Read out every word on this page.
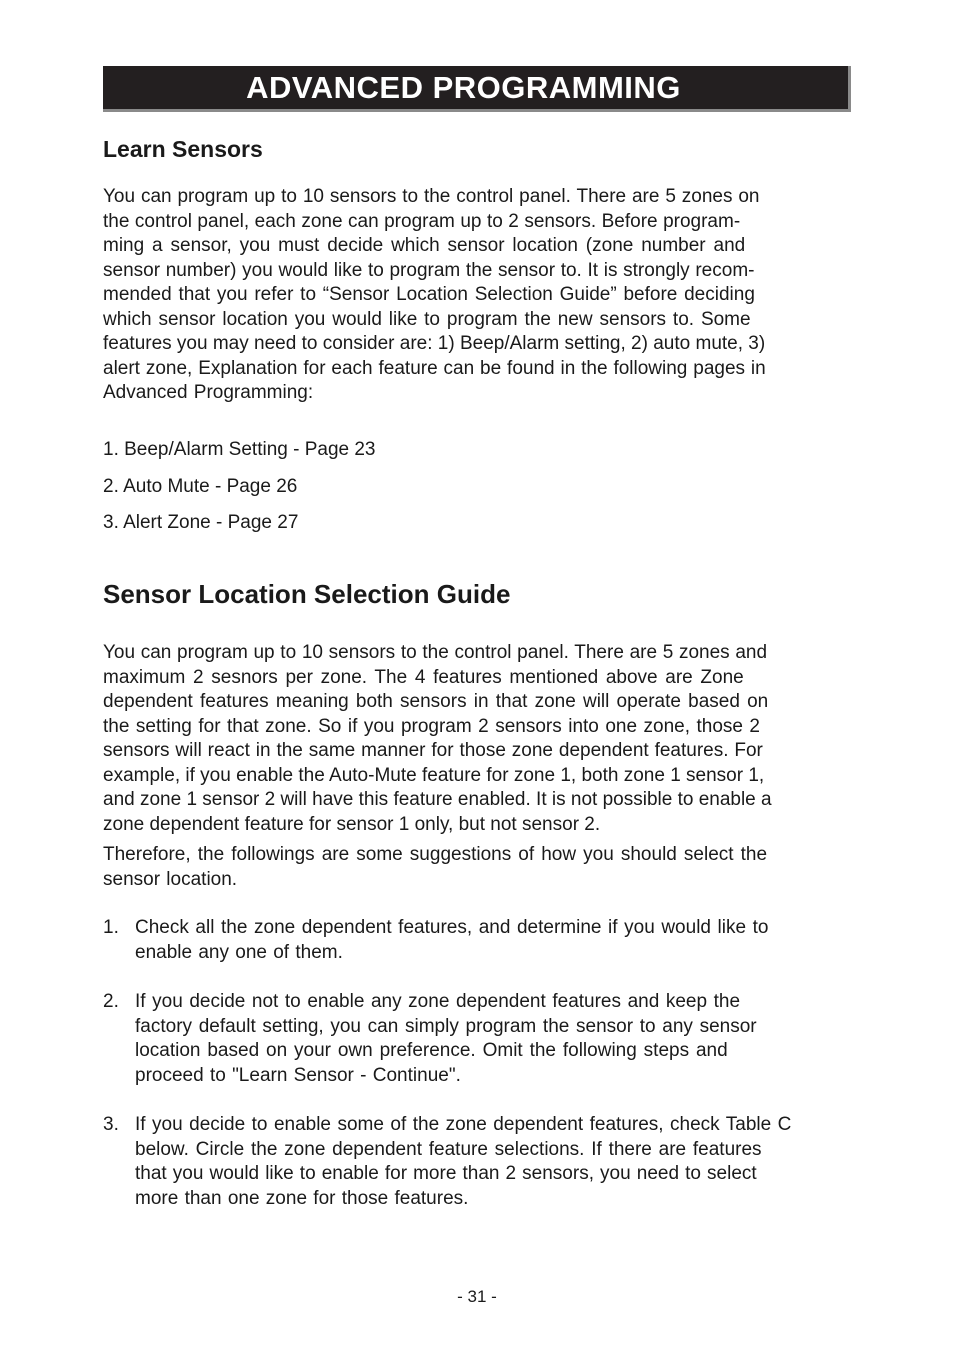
ADVANCED PROGRAMMING
Learn Sensors
You can program up to 10 sensors to the control panel. There are 5 zones on
the control panel, each zone can program up to 2 sensors. Before program-
ming a sensor, you must decide which sensor location (zone number and
sensor number) you would like to program the sensor to. It is strongly recom-
mended that you refer to “Sensor Location Selection Guide” before deciding
which sensor location you would like to program the new sensors to. Some
features you may need to consider are: 1) Beep/Alarm setting, 2) auto mute, 3)
alert zone, Explanation for each feature can be found in the following pages in
Advanced Programming:
1. Beep/Alarm Setting - Page 23
2. Auto Mute - Page 26
3. Alert Zone - Page 27
Sensor Location Selection Guide
You can program up to 10 sensors to the control panel. There are 5 zones and
maximum 2 sesnors per zone. The 4 features mentioned above are Zone
dependent features meaning both sensors in that zone will operate based on
the setting for that zone. So if you program 2 sensors into one zone, those 2
sensors will react in the same manner for those zone dependent features. For
example, if you enable the Auto-Mute feature for zone 1, both zone 1 sensor 1,
and zone 1 sensor 2 will have this feature enabled. It is not possible to enable a
zone dependent feature for sensor 1 only, but not sensor 2.
Therefore, the followings are some suggestions of how you should select the
sensor location.
1. Check all the zone dependent features, and determine if you would like to
enable any one of them.
2. If you decide not to enable any zone dependent features and keep the
factory default setting, you can simply program the sensor to any sensor
location based on your own preference. Omit the following steps and
proceed to "Learn Sensor - Continue".
3. If you decide to enable some of the zone dependent features, check Table C
below. Circle the zone dependent feature selections. If there are features
that you would like to enable for more than 2 sensors, you need to select
more than one zone for those features.
- 31 -
